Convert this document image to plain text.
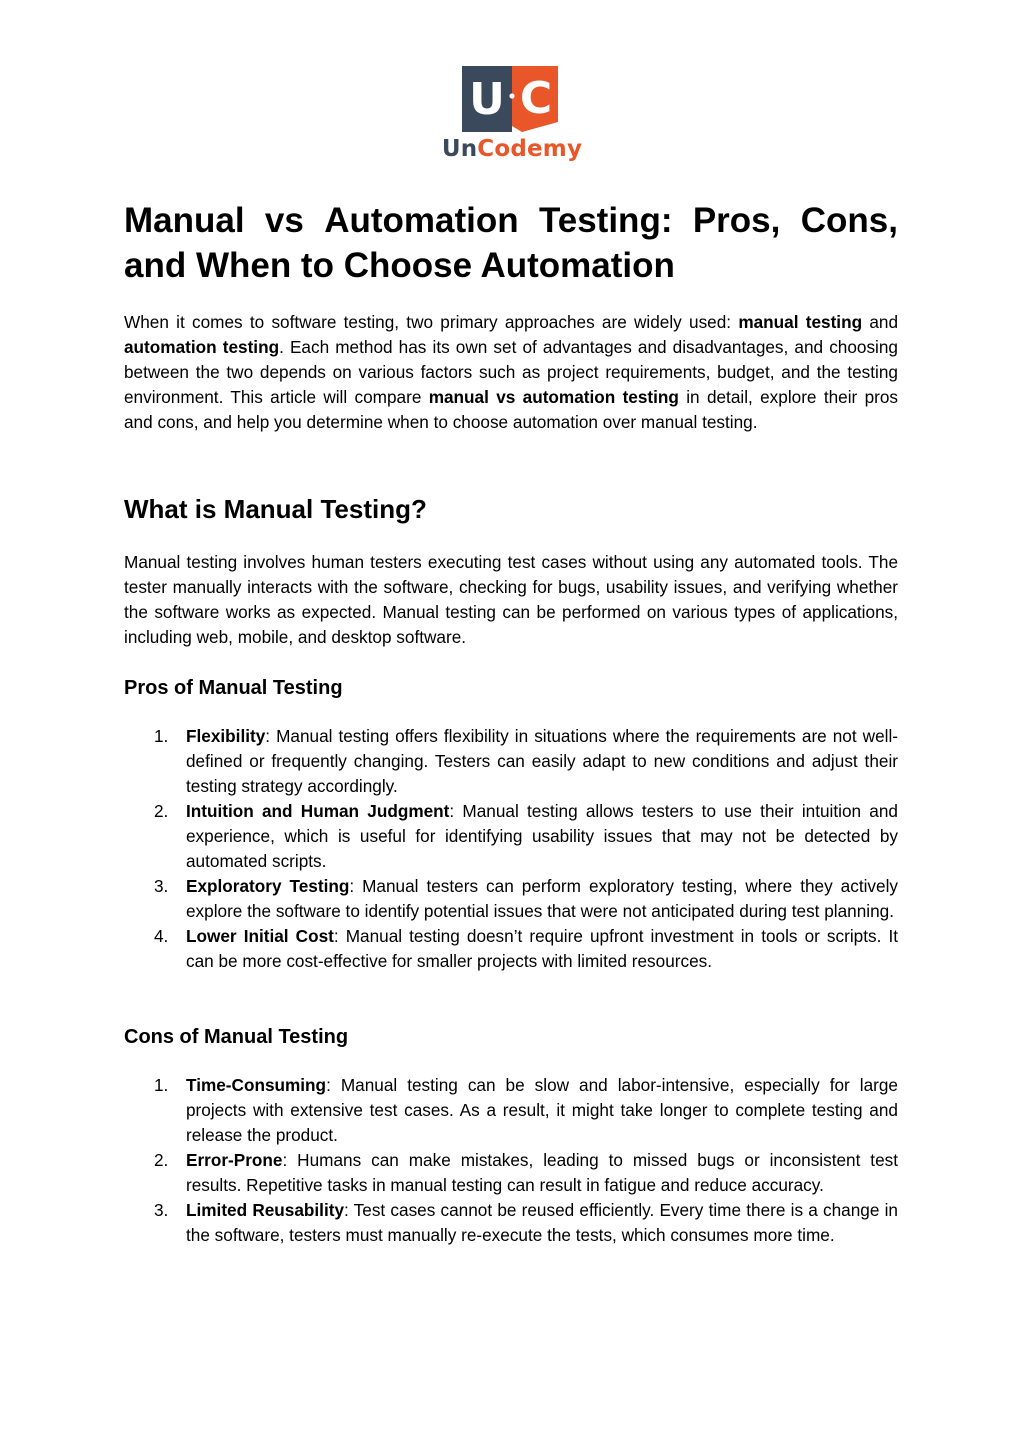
U C
UnCodemy
Manual vs Automation Testing: Pros, Cons,
and When to Choose Automation

When it comes to software testing, two primary approaches are widely used: manual testing and automation testing. Each method has its own set of advantages and disadvantages, and choosing between the two depends on various factors such as project requirements, budget, and the testing environment. This article will compare manual vs automation testing in detail, explore their pros and cons, and help you determine when to choose automation over manual testing.

What is Manual Testing?

Manual testing involves human testers executing test cases without using any automated tools. The tester manually interacts with the software, checking for bugs, usability issues, and verifying whether the software works as expected. Manual testing can be performed on various types of applications, including web, mobile, and desktop software.

Pros of Manual Testing
1. Flexibility: Manual testing offers flexibility in situations where the requirements are not well-defined or frequently changing. Testers can easily adapt to new conditions and adjust their testing strategy accordingly.
2. Intuition and Human Judgment: Manual testing allows testers to use their intuition and experience, which is useful for identifying usability issues that may not be detected by automated scripts.
3. Exploratory Testing: Manual testers can perform exploratory testing, where they actively explore the software to identify potential issues that were not anticipated during test planning.
4. Lower Initial Cost: Manual testing doesn’t require upfront investment in tools or scripts. It can be more cost-effective for smaller projects with limited resources.
Cons of Manual Testing
1. Time-Consuming: Manual testing can be slow and labor-intensive, especially for large projects with extensive test cases. As a result, it might take longer to complete testing and release the product.
2. Error-Prone: Humans can make mistakes, leading to missed bugs or inconsistent test results. Repetitive tasks in manual testing can result in fatigue and reduce accuracy.
3. Limited Reusability: Test cases cannot be reused efficiently. Every time there is a change in the software, testers must manually re-execute the tests, which consumes more time.
